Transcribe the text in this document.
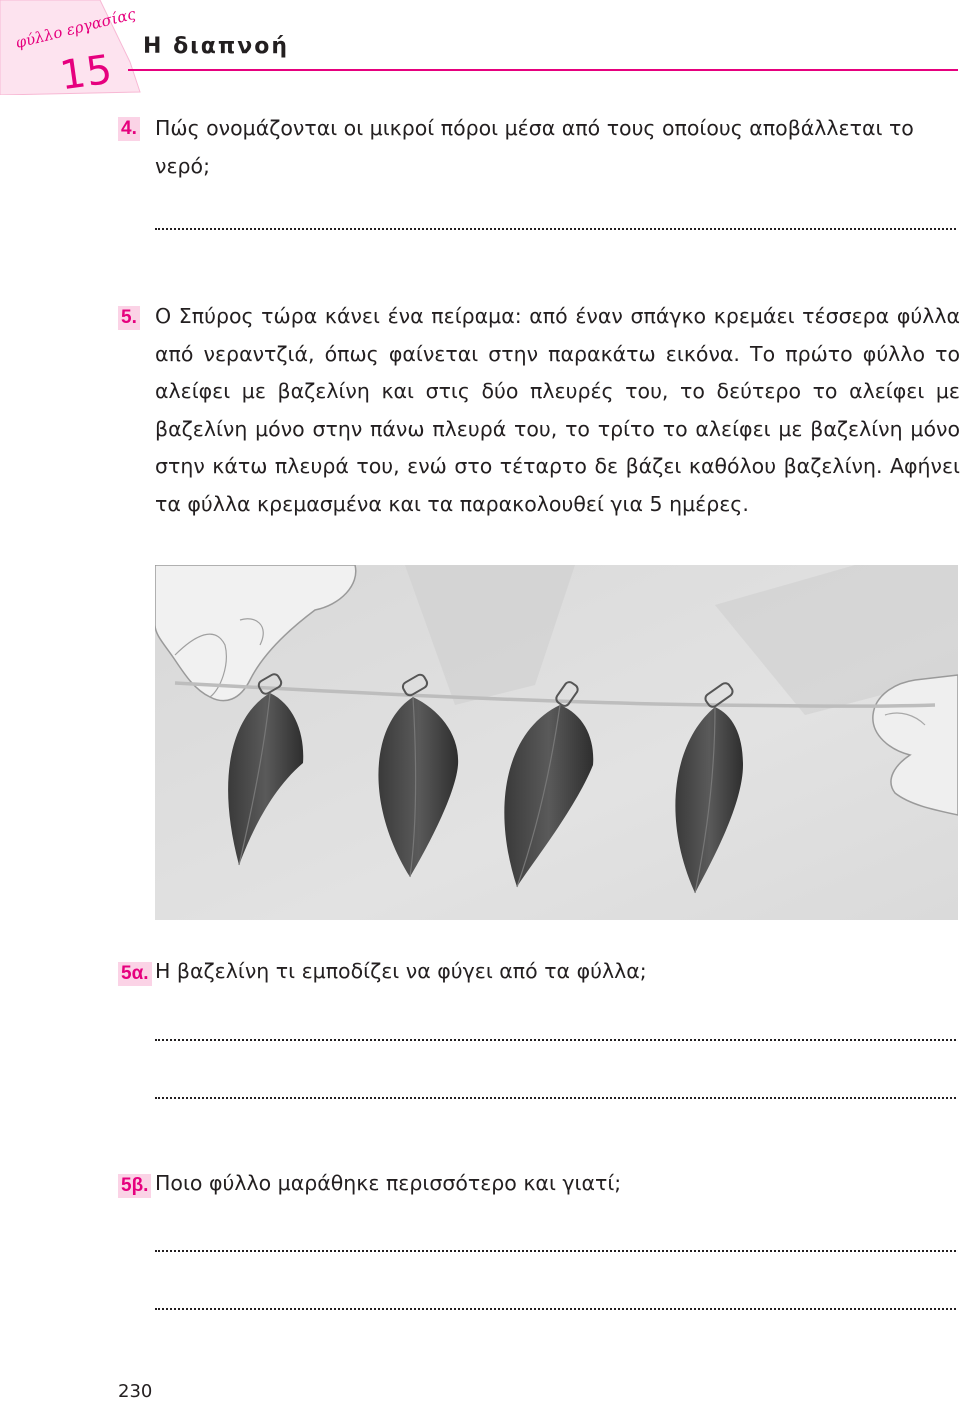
φύλλο εργασίας
15
Η διαπνοή
4. Πώς ονομάζονται οι μικροί πόροι μέσα από τους οποίους αποβάλλεται το νερό;
5. Ο Σπύρος τώρα κάνει ένα πείραμα: από έναν σπάγκο κρεμάει τέσσερα φύλλα από νεραντζιά, όπως φαίνεται στην παρακάτω εικόνα. Το πρώτο φύλλο το αλείφει με βαζελίνη και στις δύο πλευρές του, το δεύτερο το αλείφει με βαζελίνη μόνο στην πάνω πλευρά του, το τρίτο το αλείφει με βαζελίνη μόνο στην κάτω πλευρά του, ενώ στο τέταρτο δε βάζει καθόλου βαζελίνη. Αφήνει τα φύλλα κρεμασμένα και τα παρακολουθεί για 5 ημέρες.
5α. Η βαζελίνη τι εμποδίζει να φύγει από τα φύλλα;
5β. Ποιο φύλλο μαράθηκε περισσότερο και γιατί;
230
